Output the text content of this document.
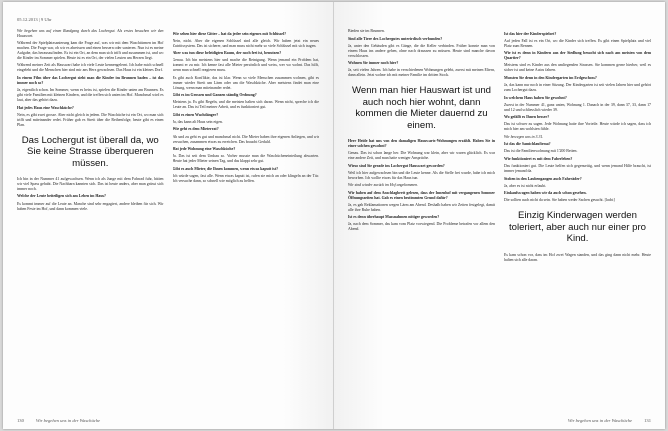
05.12.2013 | 9 Uhr

Wir begehen uns auf einen Rundgang durch das Lochergut. Als erstes besuchen wir den Hauswart.

Während der Spielplatzsanierung kam die Frage auf, was wir mit dem Waschtürmen im Hof machen. Die Frage war, ob wir es abreissen und einen bessern oder sanieren. Nun ist es meine Aufgabe, das herauszufinden. Es ist ein Ort, an dem man sich trifft und zusammen ist, und wo die Kinder im Sommer spielen. Heute ist es ein Ort, der vielen Leuten am Herzen liegt.

Während meiner Zeit als Hauswart habe ich viele Leute kennengelernt. Ich habe mich schnell eingelebt und die Menschen hier sind mir ans Herz gewachsen. Das Haus ist ein kleines Dorf.

In einem Film über das Lochergut sieht man die Kinder im Brunnen baden – ist das immer noch so?

Ja, eigentlich schon. Im Sommer, wenn es heiss ist, spielen die Kinder unten am Brunnen. Es gibt viele Familien mit kleinen Kindern, und die treffen sich unten im Hof. Manchmal wird es laut, aber das gehört dazu.

Hat jedes Haus eine Waschküche?

Nein, es gibt zwei grosse. Aber nicht gleich in jedem. Die Waschüche ist ein Ort, wo man sich trifft und miteinander redet. Früher gab es Streit über die Reihenfolge, heute gibt es einen Plan.

Das Lochergut ist überall da, wo Sie keine Strasse überqueren müssen.

Ich bin in der Nummer 41 aufgewachsen. Wenn ich als Junge mit dem Fahrrad fuhr, hätten wir viel Spass gehabt. Die Nachbarn kannten sich. Das ist heute anders, aber man grüsst sich immer noch.

Welche der Leute beiteiligen sich am Leben im Haus?

Es kommt immer auf die Leute an. Manche sind sehr engagiert, andere bleiben für sich. Wir haben Feste im Hof, und dann kommen viele.

Wir sehen hier diese Gitter – hat da jeder sein eigenes mit Schlüssel?

Nein, nicht. Aber die eigenen Schlüssel sind alle gleich. Wir haben jetzt ein neues Zutrittssystem. Das ist sicherer, und man muss nicht mehr so viele Schlüssel mit sich tragen.

Aber was tun diese beleidigten Raum, der noch frei ist, benutzen?

Genau. Ich bin meistens hier und mache die Reinigung. Wenn jemand ein Problem hat, kommt er zu mir. Ich kenne fast alle Mieter persönlich und weiss, wer wo wohnt. Das hilft, wenn man schnell reagieren muss.

Es gibt auch Konflikte, das ist klar. Wenn so viele Menschen zusammen wohnen, gibt es immer wieder Streit um Lärm oder um die Waschküche. Aber meistens findet man eine Lösung, wenn man miteinander redet.

Gibt es im Grossen und Ganzen ständig Ordnung?

Meistens ja. Es gibt Regeln, und die meisten halten sich daran. Wenn nicht, spreche ich die Leute an. Das ist Teil meiner Arbeit, und es funktioniert gut.

Gibt es einen Wachdänger?

Ja, das kann alt Haus sein eigen.

Wie geht es dem Mieterrat?

Ab und zu geht es gut und manchmal nicht. Die Mieter haben ihre eigenen Anliegen, und wir versuchen, zusammen etwas zu erreichen. Das braucht Geduld.

Hat jede Wohnung eine Waschküche?

Ja. Das ist seit dem Umbau so. Vorher musste man die Waschücheneinteilung abwarten. Heute hat jeder Mieter seinen Tag, und das klappt sehr gut.

Gibt es auch Mieter, die Ihnen kommen, wenn etwas kaputt ist?

Ich würde sagen, fast alle. Wenn etwas kaputt ist, rufen sie mich an oder klingeln an der Tür. Ich versuche dann, so schnell wie möglich zu helfen.

130	Wir begehen uns in der Waschüche

Bieden sie im Brunnen.

Sind alle Tiere des Lochergutes unterirdisch verbunden?

Ja, unter den Gebäuden gibt es Gänge, die die Keller verbinden. Früher konnte man von einem Haus ins andere gehen, ohne nach draussen zu müssen. Heute sind manche davon verschlossen.

Wohnen Sie immer noch hier?

Ja, seit vielen Jahren. Ich habe in verschiedenen Wohnungen gelebt, zuerst mit meinen Eltern, dann allein. Jetzt wohne ich mit meiner Familie im dritten Stock.

Wenn man hier Hauswart ist und auch noch hier wohnt, dann kommen die Mieter dauernd zu einem.

Herr Heide hat uns von den damaligen Hauswarts-Wohnungen erzählt. Haben Sie in einer solchen gewohnt?

Genau. Das ist schon lange her. Die Wohnung war klein, aber wir waren glücklich. Es war eine andere Zeit, und man hatte weniger Ansprüche.

Wieso sind Sie gerade ins Lochergut Hauswart geworden?

Weil ich hier aufgewachsen bin und die Leute kenne. Als die Stelle frei wurde, habe ich mich beworben. Ich wollte etwas für das Haus tun.

Wir sind wieder zurück im Hof angekommen.

Wir haben auf dem Anschlagbrett gelesen, dass der Innenhof mit vergangenen Sommer Öffnungszeiten hat. Gab es einen bestimmten Grund dafür?

Ja, es gab Reklamationen wegen Lärm am Abend. Deshalb haben wir Zeiten festgelegt, damit alle ihre Ruhe haben.

Ist es denn überhaupt Massnahmen nötiger geworden?

Ja, nach dem Sommer, das kam vom Platz vorwiegend. Die Probleme betrafen vor allem den Abend.

Ist das hier der Kinderspielort?

Auf jeden Fall ist es ein Ort, wo die Kinder sich treffen. Es gibt einen Spielplatz und viel Platz zum Rennen.

Wie ist es denn in Kindern aus der Siedlung besucht sich nach am meisten von dem Quartier?

Meistens sind es Kinder aus den umliegenden Strassen. Sie kommen gerne hierher, weil es sicher ist und keine Autos fahren.

Mussten Sie denn in den Kindergarten im Erdgeschoss?

Ja, das kann nur noch in einer Sitzung. Der Kindergarten ist seit vielen Jahren hier und gehört zum Lochergut dazu.

In welchem Haus haben Sie gewohnt?

Zuerst in der Nummer 41, ganz unten, Wohnung 1. Danach in der 39, dann 37, 33, dann 17 und 12 und schliesslich wieder 39.

Wo gefällt es Ihnen besser?

Das ist schwer zu sagen. Jede Wohnung hatte ihre Vorteile. Heute würde ich sagen, dass ich mich hier am wohlsten fühle.

Wir bewegen uns in 3.31.

Ist das die Samichlaufirma?

Das ist die Familienwohnung mit 1'200 Betten.

Wie funktioniert es mit dem Faberleben?

Das funktioniert gut. Die Leute helfen sich gegenseitig, und wenn jemand Hilfe braucht, ist immer jemand da.

Stoben in den Laubengangen auch Fahrräder?

Ja, aber es ist nicht erlaubt.

Einkaufswagen haben wir da auch schon gesehen.

Die sollten auch nicht da sein. Sie haben weder Sachen gesucht. [lacht]

Einzig Kinderwagen werden toleriert, aber auch nur einer pro Kind.

Es kam schon vor, dass im Hof zwei Wagen standen, und das ging dann nicht mehr. Heute halten sich alle daran.

Wir begehen uns in der Waschüche	131
